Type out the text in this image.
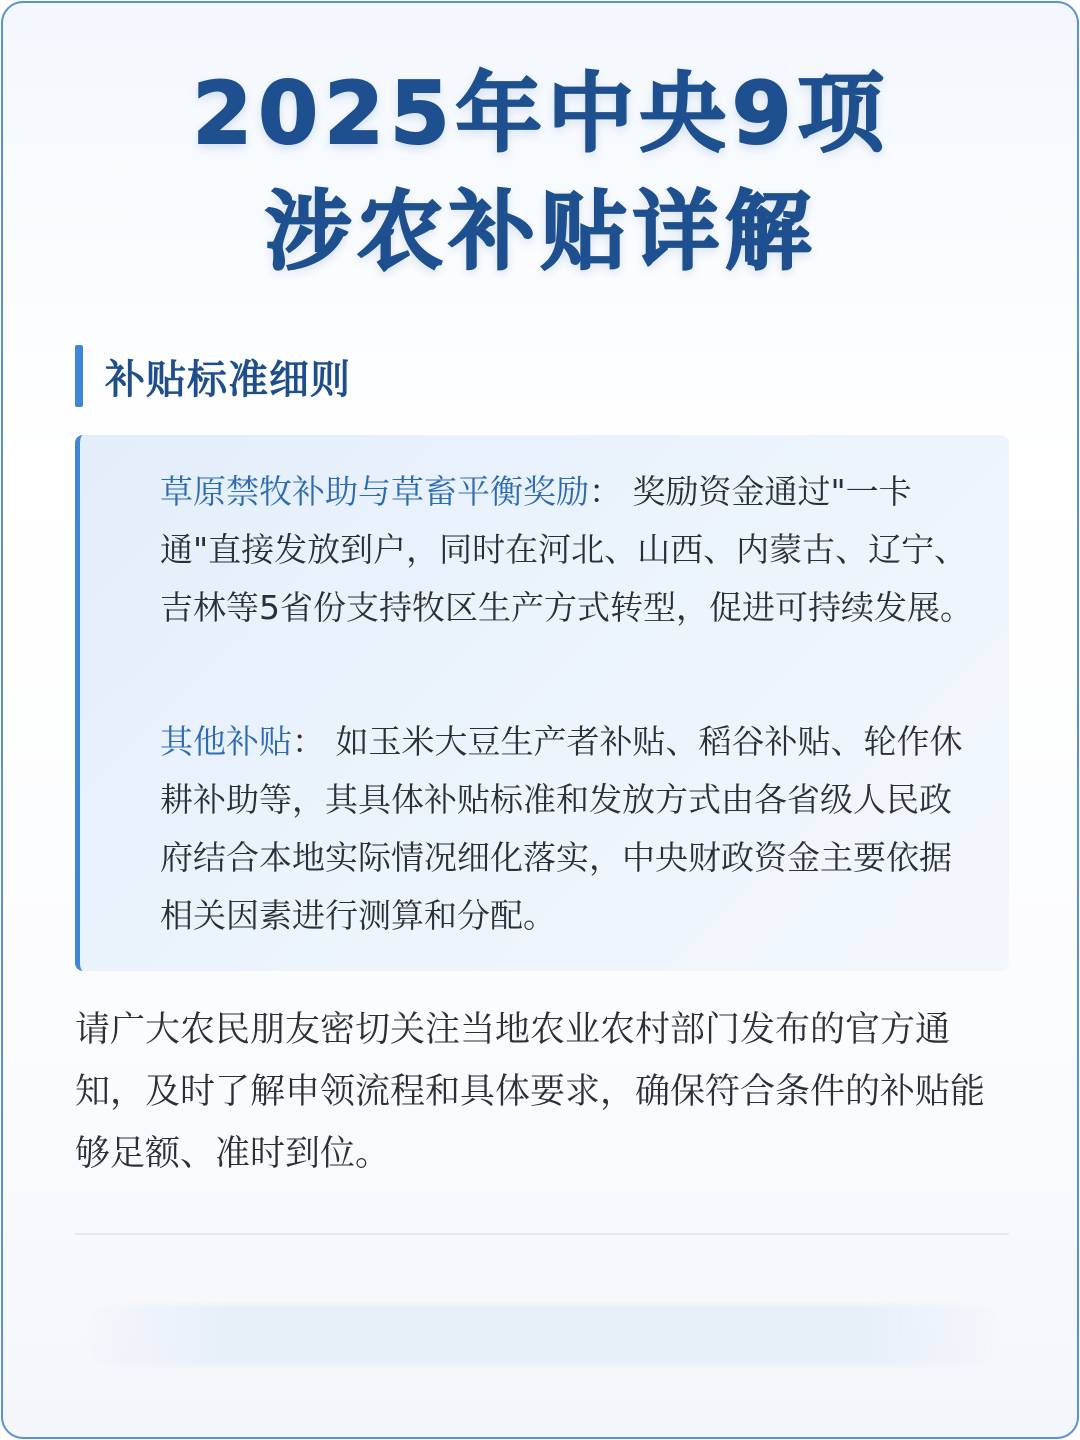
2025年中央9项
涉农补贴详解
补贴标准细则

草原禁牧补助与草畜平衡奖励： 奖励资金通过"一卡通"直接发放到户，同时在河北、山西、内蒙古、辽宁、吉林等5省份支持牧区生产方式转型，促进可持续发展。

其他补贴： 如玉米大豆生产者补贴、稻谷补贴、轮作休耕补助等，其具体补贴标准和发放方式由各省级人民政府结合本地实际情况细化落实，中央财政资金主要依据相关因素进行测算和分配。

请广大农民朋友密切关注当地农业农村部门发布的官方通知，及时了解申领流程和具体要求，确保符合条件的补贴能够足额、准时到位。
